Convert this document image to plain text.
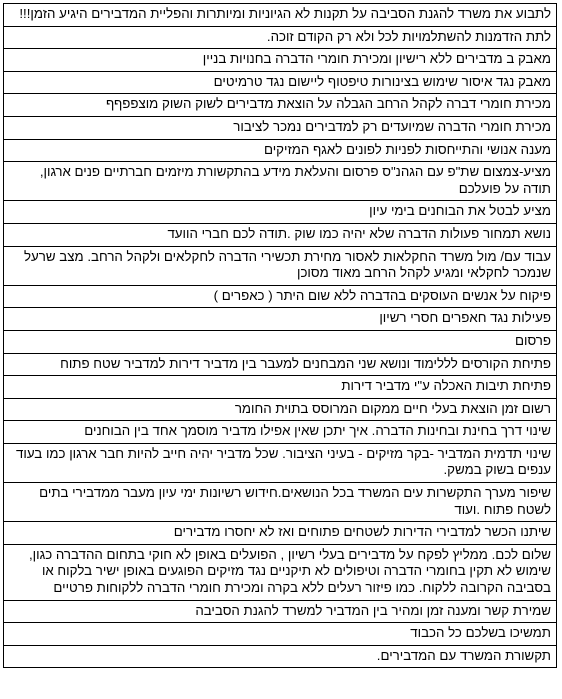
לתבוע את משרד להגנת הסביבה על תקנות לא הגיוניות ומיותרות והפליית המדבירים היגיע הזמן!!!
לתת הזדמנות להשתלמויות לכל ולא רק הקודם זוכה.
מאבק ב מדבירים ללא רישיון ומכירת חומרי הדברה בחנויות בניין
מאבק נגד איסור שימוש בצינורות טיפטוף ליישום נגד טרמיטים
מכירת חומרי דברה לקהל הרחב הגבלה על הוצאת מדבירים לשוק השוק מוצפפףף
מכירת חומרי הדברה שמיועדים רק למדבירים נמכר לציבור
מענה אנושי והתייחסות לפניות לפונים לאגף המזיקים
מציע-צמצום שת"פ עם הגהנ"ס פרסום והעלאת מידע בהתקשורת מיזמים חברתיים פנים ארגון, תודה על פועלכם
מציע לבטל את הבוחנים בימי עיון
נושא תמחור פעולות הדברה שלא יהיה כמו שוק .תודה לכם חברי הוועד
עבוד עם/ מול משרד החקלאות לאסור מחירת תכשירי הדברה לחקלאים ולקהל הרחב. מצב שרעל שנמכר לחקלאי ומגיע לקהל הרחב מאוד מסוכן
פיקוח על אנשים העוסקים בהדברה ללא שום היתר ( כאפרים )
פעילות נגד חאפרים חסרי רשיון
פרסום
פתיחת הקורסים לללימוד ונושא שני המבחנים למעבר בין מדביר דירות למדביר שטח פתוח
פתיחת תיבות האכלה ע"י מדביר דירות
רשום זמן הוצאת בעלי חיים ממקום המרוסס בתוית החומר
שינוי דרך בחינת ובחינות הדברה. איך יתכן שאין אפילו מדביר מוסמך אחד בין הבוחנים
שינוי תדמית המדביר -בקר מזיקים - בעיני הציבור. שכל מדביר יהיה חייב להיות חבר ארגון כמו בעוד ענפים בשוק במשק.
שיפור מערך התקשרות עים המשרד בכל הנושאים.חידוש רשיונות ימי עיון מעבר ממדבירי בתים לשטח פתוח .ועוד
שיתנו הכשר למדבירי הדירות לשטחים פתוחים ואז לא יחסרו מדבירים
שלום לכם. ממליץ לפקח על מדבירים בעלי רשיון , הפועלים באופן לא חוקי בתחום ההדברה כגון, שימוש לא תקין בחומרי הדברה וטיפולים לא תיקניים נגד מזיקים הפוגעים באופן ישיר בלקוח או בסביבה הקרובה ללקוח. כמו פיזור רעלים ללא בקרה ומכירת חומרי הדברה ללקוחות פרטיים
שמירת קשר ומענה זמן ומהיר בין המדביר למשרד להגנת הסביבה
תמשיכו בשלכם כל הכבוד
תקשורת המשרד עם המדבירים.
